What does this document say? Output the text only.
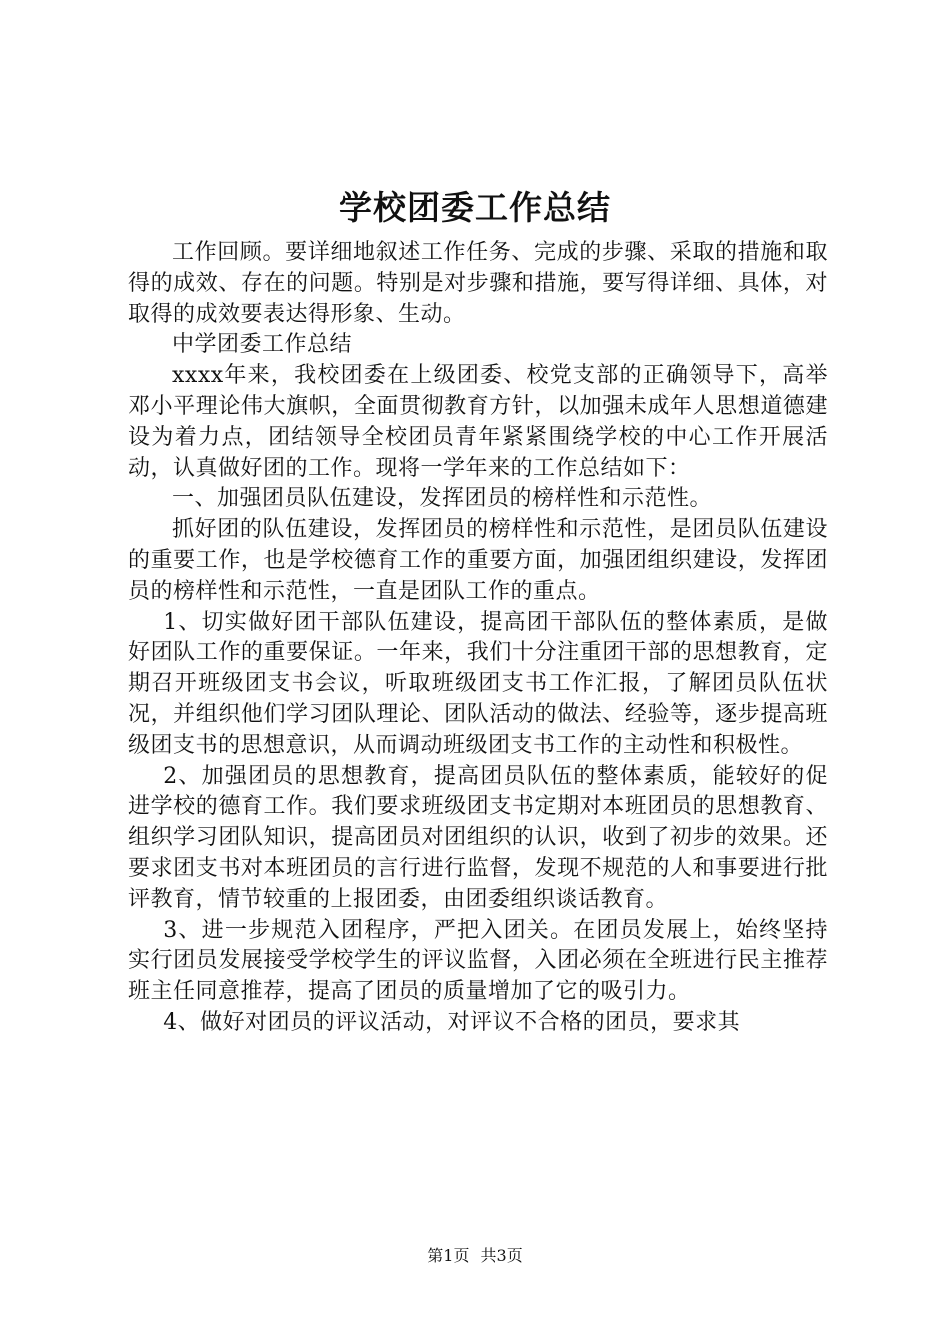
学校团委工作总结

工作回顾。要详细地叙述工作任务、完成的步骤、采取的措施和取得的成效、存在的问题。特别是对步骤和措施，要写得详细、具体，对取得的成效要表达得形象、生动。

中学团委工作总结

xxxx年来，我校团委在上级团委、校党支部的正确领导下，高举邓小平理论伟大旗帜，全面贯彻教育方针，以加强未成年人思想道德建设为着力点，团结领导全校团员青年紧紧围绕学校的中心工作开展活动，认真做好团的工作。现将一学年来的工作总结如下：

一、加强团员队伍建设，发挥团员的榜样性和示范性。

抓好团的队伍建设，发挥团员的榜样性和示范性，是团员队伍建设的重要工作，也是学校德育工作的重要方面，加强团组织建设，发挥团员的榜样性和示范性，一直是团队工作的重点。

1、切实做好团干部队伍建设，提高团干部队伍的整体素质，是做好团队工作的重要保证。一年来，我们十分注重团干部的思想教育，定期召开班级团支书会议，听取班级团支书工作汇报，了解团员队伍状况，并组织他们学习团队理论、团队活动的做法、经验等，逐步提高班级团支书的思想意识，从而调动班级团支书工作的主动性和积极性。

2、加强团员的思想教育，提高团员队伍的整体素质，能较好的促进学校的德育工作。我们要求班级团支书定期对本班团员的思想教育、组织学习团队知识，提高团员对团组织的认识，收到了初步的效果。还要求团支书对本班团员的言行进行监督，发现不规范的人和事要进行批评教育，情节较重的上报团委，由团委组织谈话教育。

3、进一步规范入团程序，严把入团关。在团员发展上，始终坚持实行团员发展接受学校学生的评议监督，入团必须在全班进行民主推荐班主任同意推荐，提高了团员的质量增加了它的吸引力。

4、做好对团员的评议活动，对评议不合格的团员，要求其

第1页 共3页
